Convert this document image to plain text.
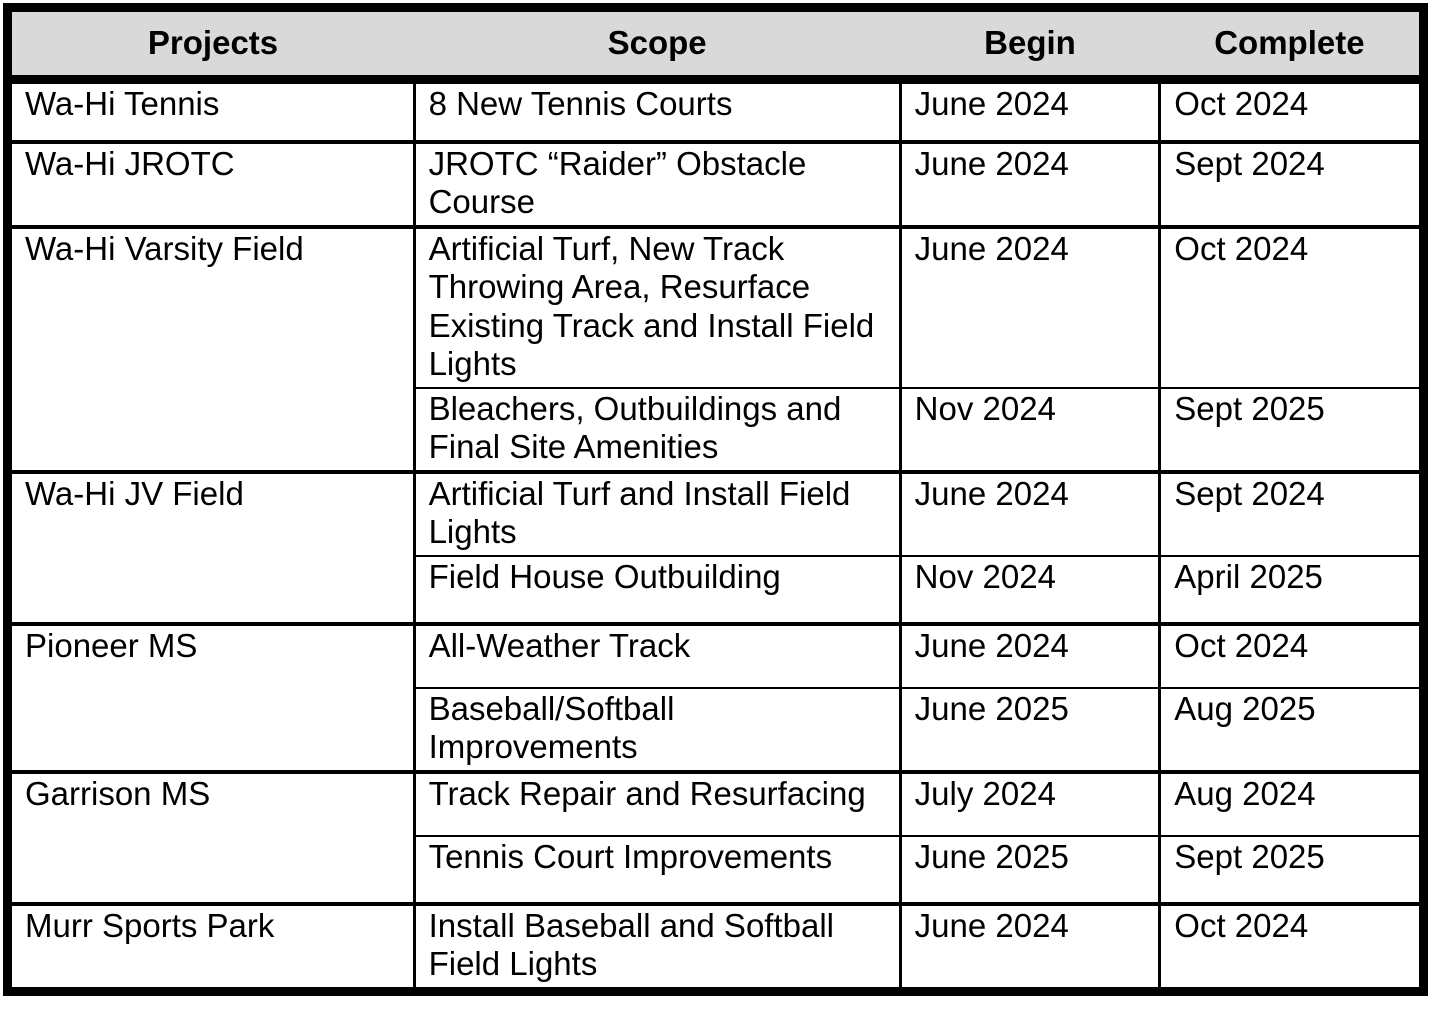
Projects	Scope	Begin	Complete
Wa-Hi Tennis	8 New Tennis Courts	June 2024	Oct 2024
Wa-Hi JROTC	JROTC “Raider” Obstacle Course	June 2024	Sept 2024
Wa-Hi Varsity Field	Artificial Turf, New Track Throwing Area, Resurface Existing Track and Install Field Lights	June 2024	Oct 2024
	Bleachers, Outbuildings and Final Site Amenities	Nov 2024	Sept 2025
Wa-Hi JV Field	Artificial Turf and Install Field Lights	June 2024	Sept 2024
	Field House Outbuilding	Nov 2024	April 2025
Pioneer MS	All-Weather Track	June 2024	Oct 2024
	Baseball/Softball Improvements	June 2025	Aug 2025
Garrison MS	Track Repair and Resurfacing	July 2024	Aug 2024
	Tennis Court Improvements	June 2025	Sept 2025
Murr Sports Park	Install Baseball and Softball Field Lights	June 2024	Oct 2024
